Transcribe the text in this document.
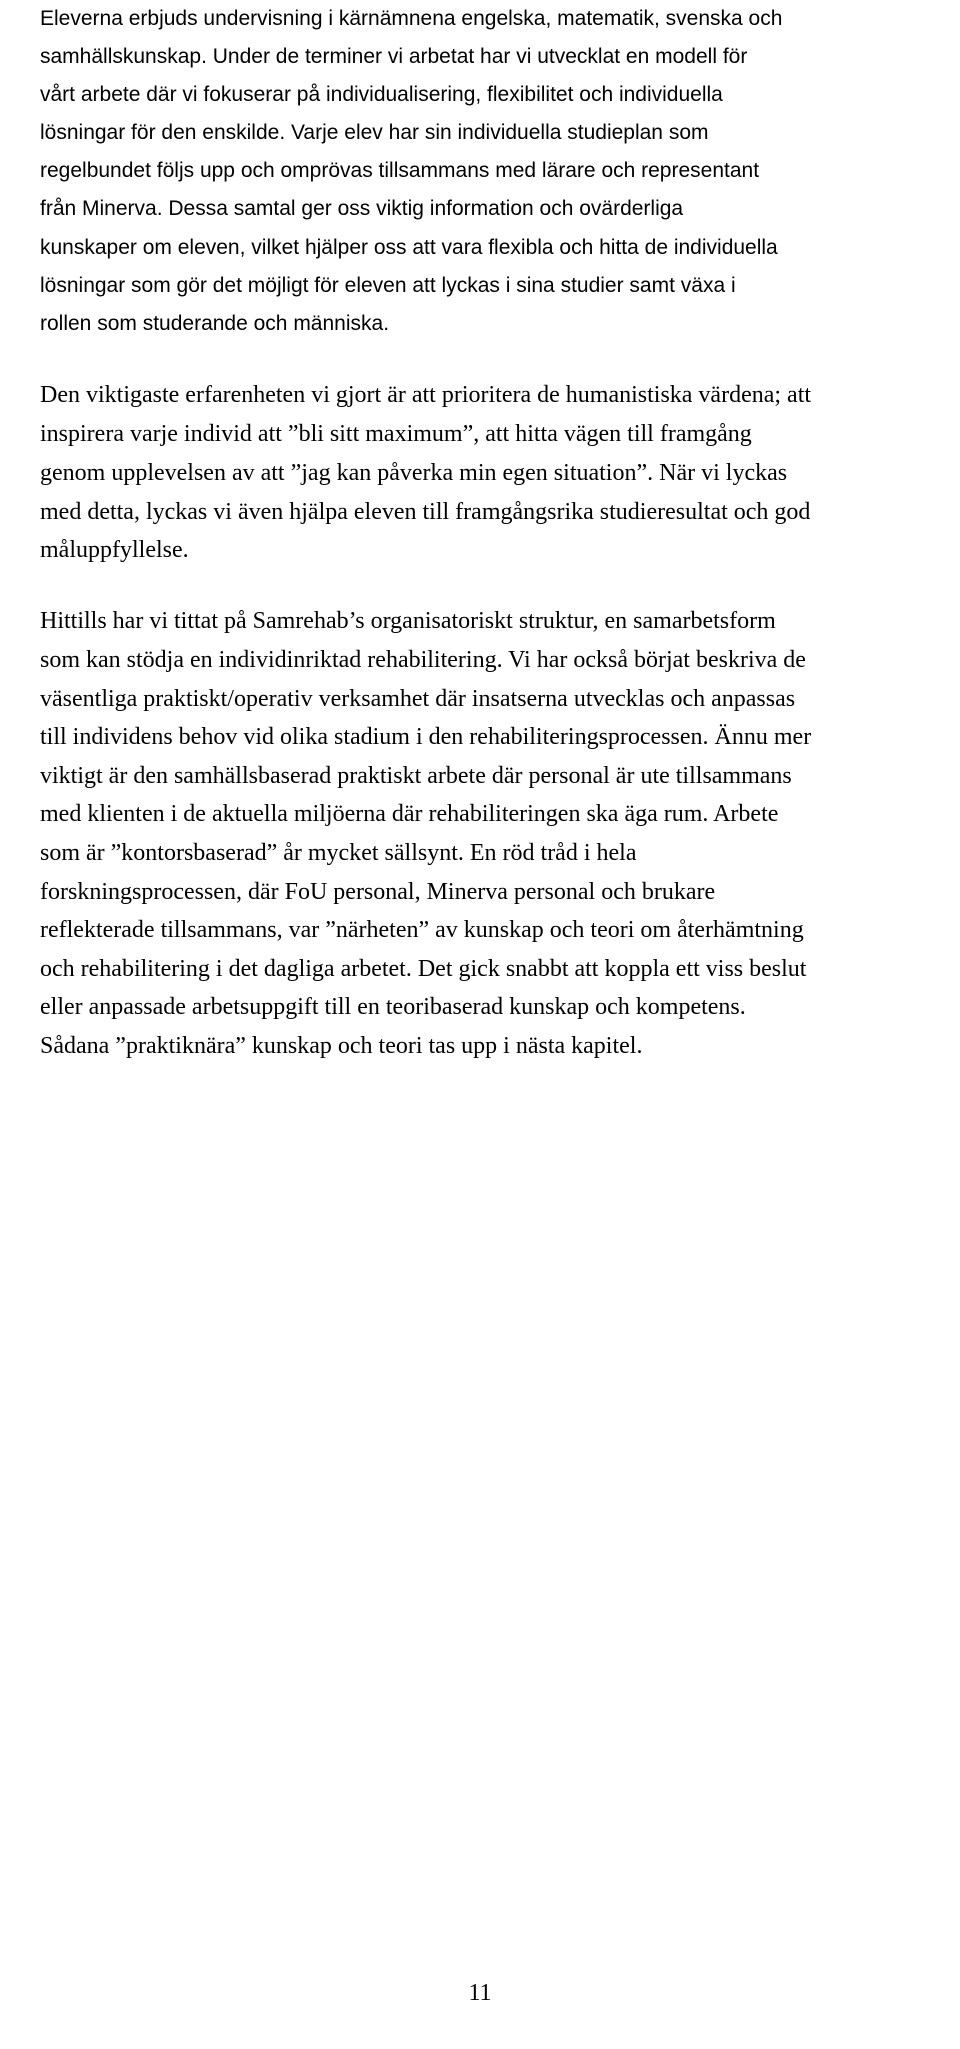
Eleverna erbjuds undervisning i kärnämnena engelska, matematik, svenska och
samhällskunskap. Under de terminer vi arbetat har vi utvecklat en modell för
vårt arbete där vi fokuserar på individualisering, flexibilitet och individuella
lösningar för den enskilde. Varje elev har sin individuella studieplan som
regelbundet följs upp och omprövas tillsammans med lärare och representant
från Minerva. Dessa samtal ger oss viktig information och ovärderliga
kunskaper om eleven, vilket hjälper oss att vara flexibla och hitta de individuella
lösningar som gör det möjligt för eleven att lyckas i sina studier samt växa i
rollen som studerande och människa.

Den viktigaste erfarenheten vi gjort är att prioritera de humanistiska värdena; att
inspirera varje individ att ”bli sitt maximum”, att hitta vägen till framgång
genom upplevelsen av att ”jag kan påverka min egen situation”. När vi lyckas
med detta, lyckas vi även hjälpa eleven till framgångsrika studieresultat och god
måluppfyllelse.

Hittills har vi tittat på Samrehab’s organisatoriskt struktur, en samarbetsform
som kan stödja en individinriktad rehabilitering. Vi har också börjat beskriva de
väsentliga praktiskt/operativ verksamhet där insatserna utvecklas och anpassas
till individens behov vid olika stadium i den rehabiliteringsprocessen. Ännu mer
viktigt är den samhällsbaserad praktiskt arbete där personal är ute tillsammans
med klienten i de aktuella miljöerna där rehabiliteringen ska äga rum. Arbete
som är ”kontorsbaserad” år mycket sällsynt. En röd tråd i hela
forskningsprocessen, där FoU personal, Minerva personal och brukare
reflekterade tillsammans, var ”närheten” av kunskap och teori om återhämtning
och rehabilitering i det dagliga arbetet. Det gick snabbt att koppla ett viss beslut
eller anpassade arbetsuppgift till en teoribaserad kunskap och kompetens.
Sådana ”praktiknära” kunskap och teori tas upp i nästa kapitel.

11
